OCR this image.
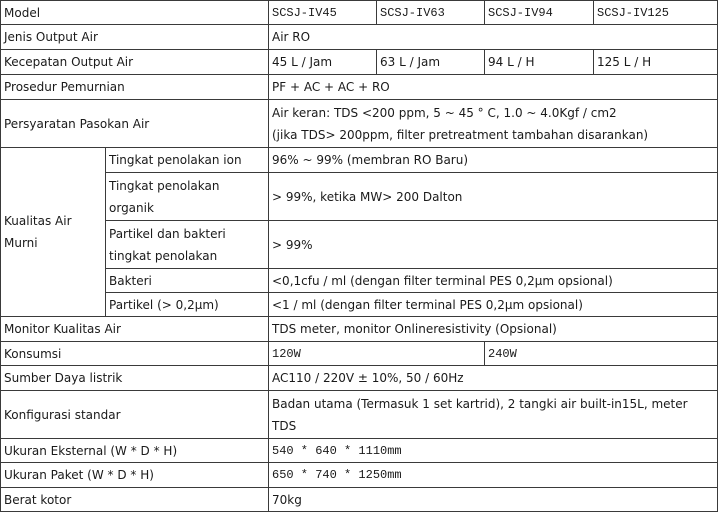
Model		SCSJ-IV45	SCSJ-IV63	SCSJ-IV94	SCSJ-IV125
Jenis Output Air		Air RO			
Kecepatan Output Air		45 L / Jam	63 L / Jam	94 L / H	125 L / H
Prosedur Pemurnian		PF + AC + AC + RO			
Persyaratan Pasokan Air		Air keran: TDS <200 ppm, 5 ~ 45 ° C, 1.0 ~ 4.0Kgf / cm2
(jika TDS> 200ppm, filter pretreatment tambahan disarankan)			

Kualitas Air Murni	Tingkat penolakan ion	96% ~ 99% (membran RO Baru)			
	Tingkat penolakan organik	> 99%, ketika MW> 200 Dalton			
	Partikel dan bakteri tingkat penolakan	> 99%			
	Bakteri	<0,1cfu / ml (dengan filter terminal PES 0,2μm opsional)			
	Partikel (> 0,2μm)	<1 / ml (dengan filter terminal PES 0,2μm opsional)			
Monitor Kualitas Air		TDS meter, monitor Onlineresistivity (Opsional)			
Konsumsi		120W		240W	
Sumber Daya listrik		AC110 / 220V ± 10%, 50 / 60Hz			
Konfigurasi standar		Badan utama (Termasuk 1 set kartrid), 2 tangki air built-in15L, meter TDS			
Ukuran Eksternal (W * D * H)		540 * 640 * 1110mm			
Ukuran Paket (W * D * H)		650 * 740 * 1250mm			
Berat kotor		70kg			
